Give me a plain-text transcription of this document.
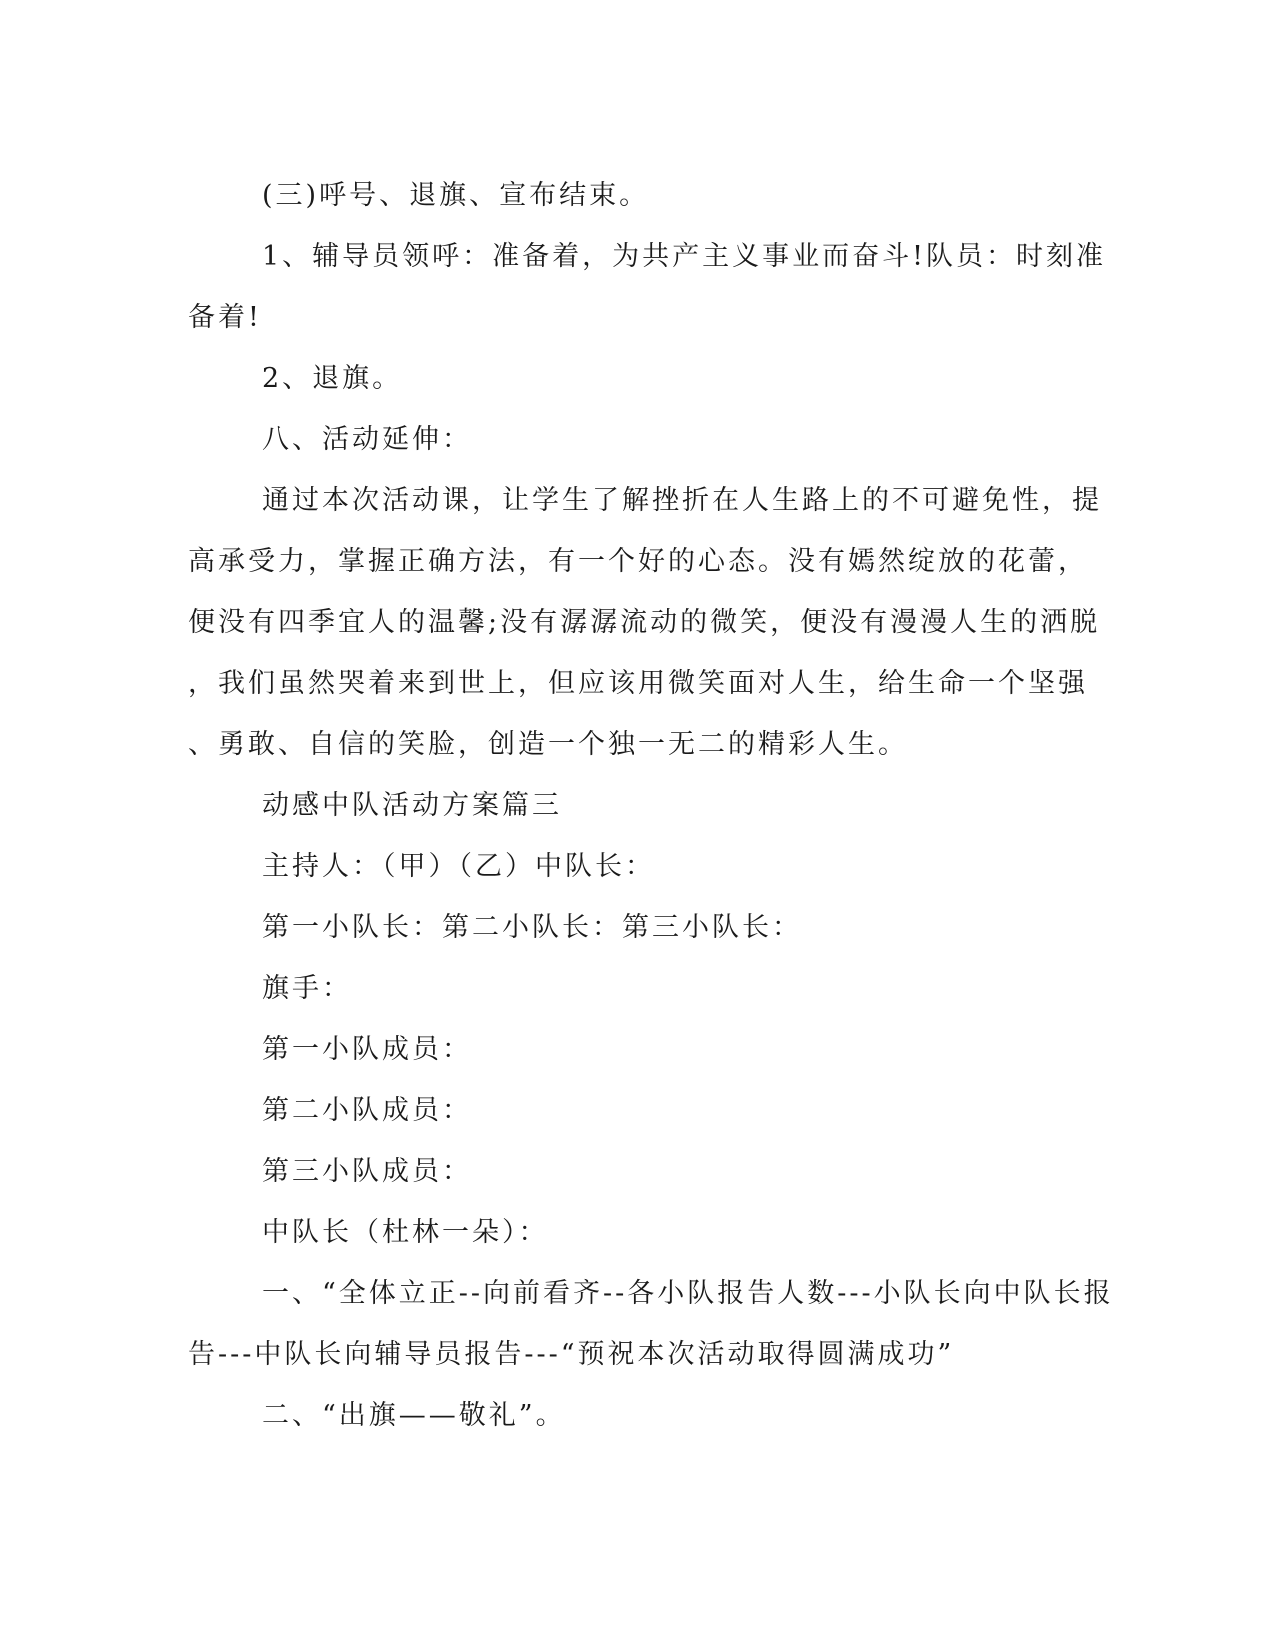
(三)呼号、退旗、宣布结束。
1、辅导员领呼：准备着，为共产主义事业而奋斗!队员：时刻准
备着!
2、退旗。
八、活动延伸：
通过本次活动课，让学生了解挫折在人生路上的不可避免性，提
高承受力，掌握正确方法，有一个好的心态。没有嫣然绽放的花蕾，
便没有四季宜人的温馨;没有潺潺流动的微笑，便没有漫漫人生的洒脱
，我们虽然哭着来到世上，但应该用微笑面对人生，给生命一个坚强
、勇敢、自信的笑脸，创造一个独一无二的精彩人生。
动感中队活动方案篇三
主持人：（甲）（乙）中队长：
第一小队长：第二小队长：第三小队长：
旗手：
第一小队成员：
第二小队成员：
第三小队成员：
中队长（杜林一朵）：
一、“全体立正--向前看齐--各小队报告人数---小队长向中队长报
告---中队长向辅导员报告---“预祝本次活动取得圆满成功”
二、“出旗——敬礼”。
